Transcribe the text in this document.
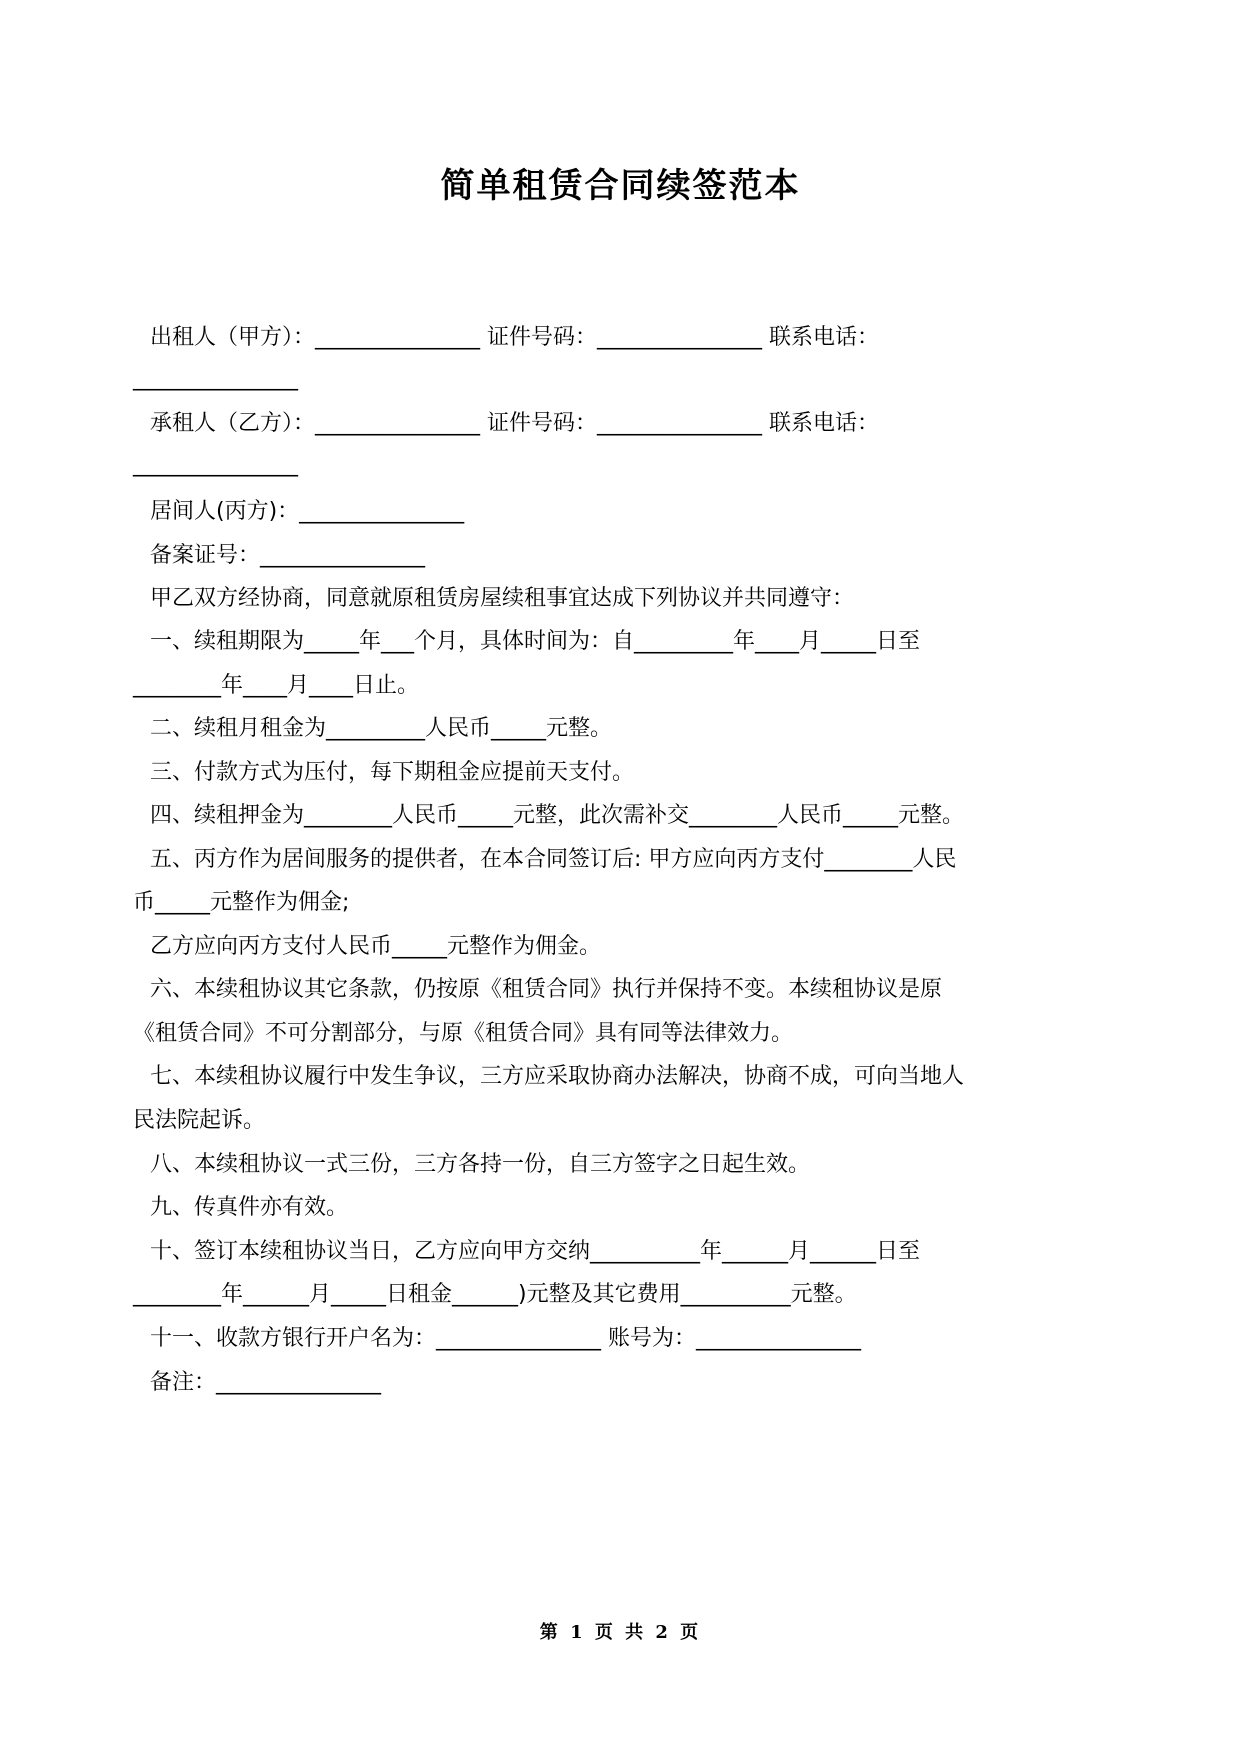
简单租赁合同续签范本
出租人（甲方）：_______________ 证件号码：_______________ 联系电话：
_______________
承租人（乙方）：_______________ 证件号码：_______________ 联系电话：
_______________
居间人(丙方)：_______________
备案证号：_______________
甲乙双方经协商，同意就原租赁房屋续租事宜达成下列协议并共同遵守：
一、续租期限为_____年___个月，具体时间为：自_________年____月_____日至
________年____月____日止。
二、续租月租金为_________人民币_____元整。
三、付款方式为压付，每下期租金应提前天支付。
四、续租押金为________人民币_____元整，此次需补交________人民币_____元整。
五、丙方作为居间服务的提供者，在本合同签订后: 甲方应向丙方支付________人民
币_____元整作为佣金;
乙方应向丙方支付人民币_____元整作为佣金。
六、本续租协议其它条款，仍按原《租赁合同》执行并保持不变。本续租协议是原
《租赁合同》不可分割部分，与原《租赁合同》具有同等法律效力。
七、本续租协议履行中发生争议，三方应采取协商办法解决，协商不成，可向当地人
民法院起诉。
八、本续租协议一式三份，三方各持一份，自三方签字之日起生效。
九、传真件亦有效。
十、签订本续租协议当日，乙方应向甲方交纳__________年______月______日至
________年______月_____日租金______)元整及其它费用__________元整。
十一、收款方银行开户名为：_______________ 账号为：_______________
备注：_______________
第 1 页 共 2 页
